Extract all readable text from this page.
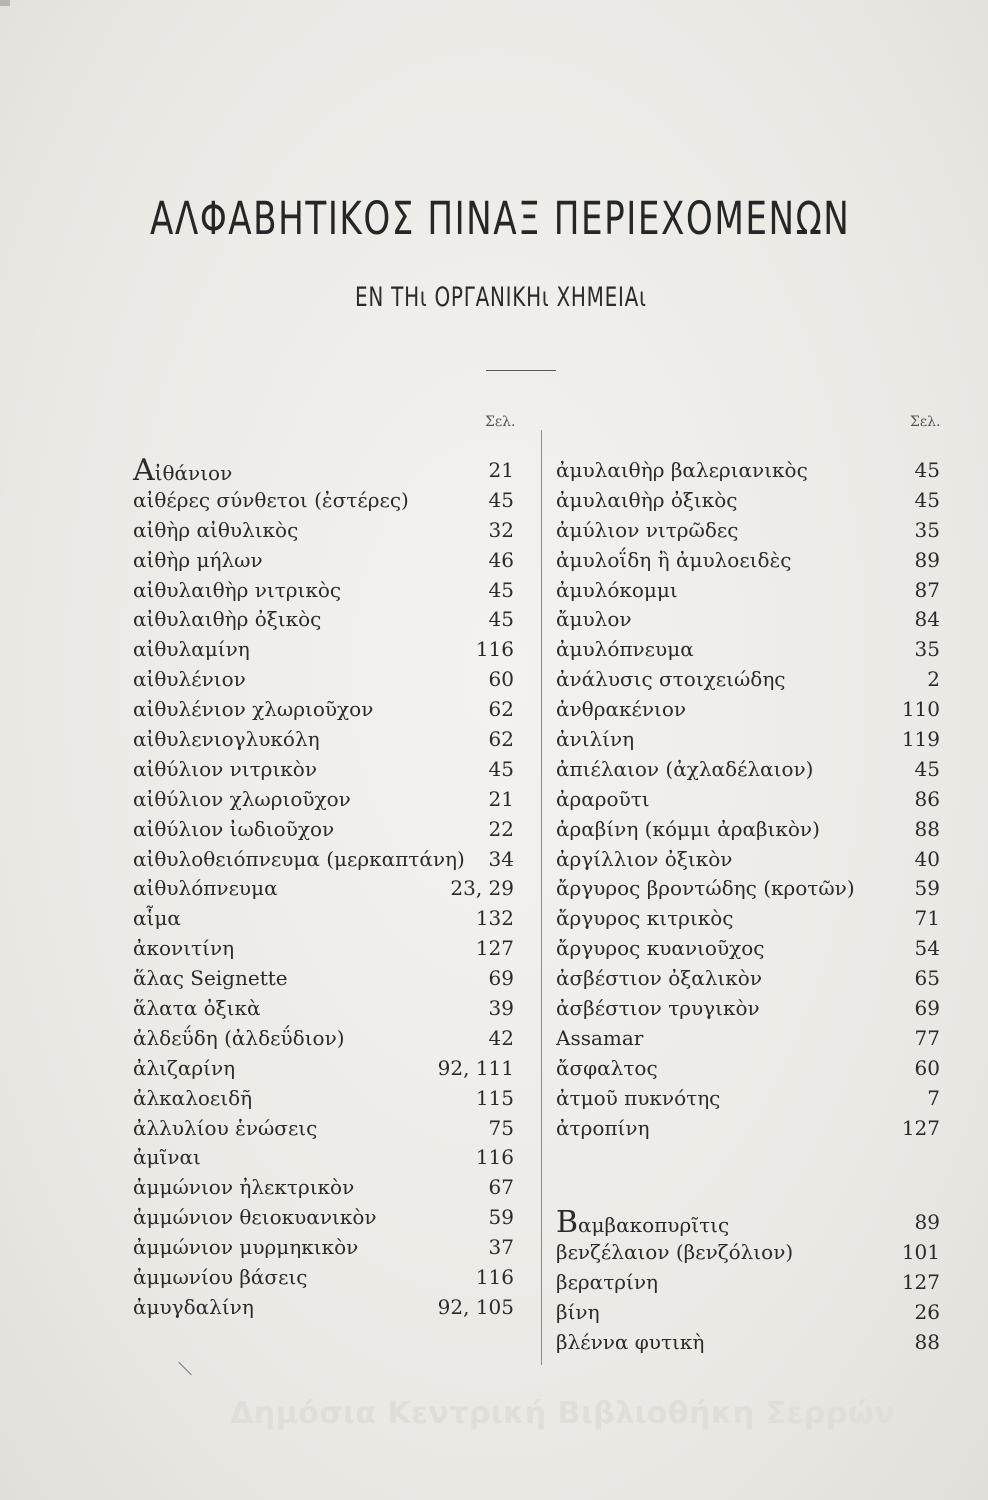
ΑΛΦΑΒΗΤΙΚΟΣ ΠΙΝΑΞ ΠΕΡΙΕΧΟΜΕΝΩΝ
ΕΝ ΤΗι ΟΡΓΑΝΙΚΗι ΧΗΜΕΙΑι
Σελ.	Σελ.
Αἰθάνιον	21
αἰθέρες σύνθετοι (ἐστέρες)	45
αἰθὴρ αἰθυλικὸς	32
αἰθὴρ μήλων	46
αἰθυλαιθὴρ νιτρικὸς	45
αἰθυλαιθὴρ ὀξικὸς	45
αἰθυλαμίνη	116
αἰθυλένιον	60
αἰθυλένιον χλωριοῦχον	62
αἰθυλενιογλυκόλη	62
αἰθύλιον νιτρικὸν	45
αἰθύλιον χλωριοῦχον	21
αἰθύλιον ἰωδιοῦχον	22
αἰθυλοθειόπνευμα (μερκαπτάνη) 34
αἰθυλόπνευμα	23, 29
αἷμα	132
ἀκονιτίνη	127
ἅλας Seignette	69
ἅλατα ὀξικὰ	39
ἀλδεΰδη (ἀλδεΰδιον)	42
ἀλιζαρίνη	92, 111
ἀλκαλοειδῆ	115
ἀλλυλίου ἑνώσεις	75
ἀμῖναι	116
ἀμμώνιον ἠλεκτρικὸν	67
ἀμμώνιον θειοκυανικὸν	59
ἀμμώνιον μυρμηκικὸν	37
ἀμμωνίου βάσεις	116
ἀμυγδαλίνη	92, 105
ἀμυλαιθὴρ βαλεριανικὸς	45
ἀμυλαιθὴρ ὀξικὸς	45
ἀμύλιον νιτρῶδες	35
ἀμυλοΐδη ἢ ἀμυλοειδὲς	89
ἀμυλόκομμι	87
ἄμυλον	84
ἀμυλόπνευμα	35
ἀνάλυσις στοιχειώδης	2
ἀνθρακένιον	110
ἀνιλίνη	119
ἀπιέλαιον (ἀχλαδέλαιον)	45
ἀραροῦτι	86
ἀραβίνη (κόμμι ἀραβικὸν)	88
ἀργίλλιον ὀξικὸν	40
ἄργυρος βροντώδης (κροτῶν)	59
ἄργυρος κιτρικὸς	71
ἄργυρος κυανιοῦχος	54
ἀσβέστιον ὀξαλικὸν	65
ἀσβέστιον τρυγικὸν	69
Assamar	77
ἄσφαλτος	60
ἀτμοῦ πυκνότης	7
ἀτροπίνη	127
Βαμβακοπυρῖτις	89
βενζέλαιον (βενζόλιον)	101
βερατρίνη	127
βίνη	26
βλέννα φυτικὴ	88
Δημόσια Κεντρική Βιβλιοθήκη Σερρών
